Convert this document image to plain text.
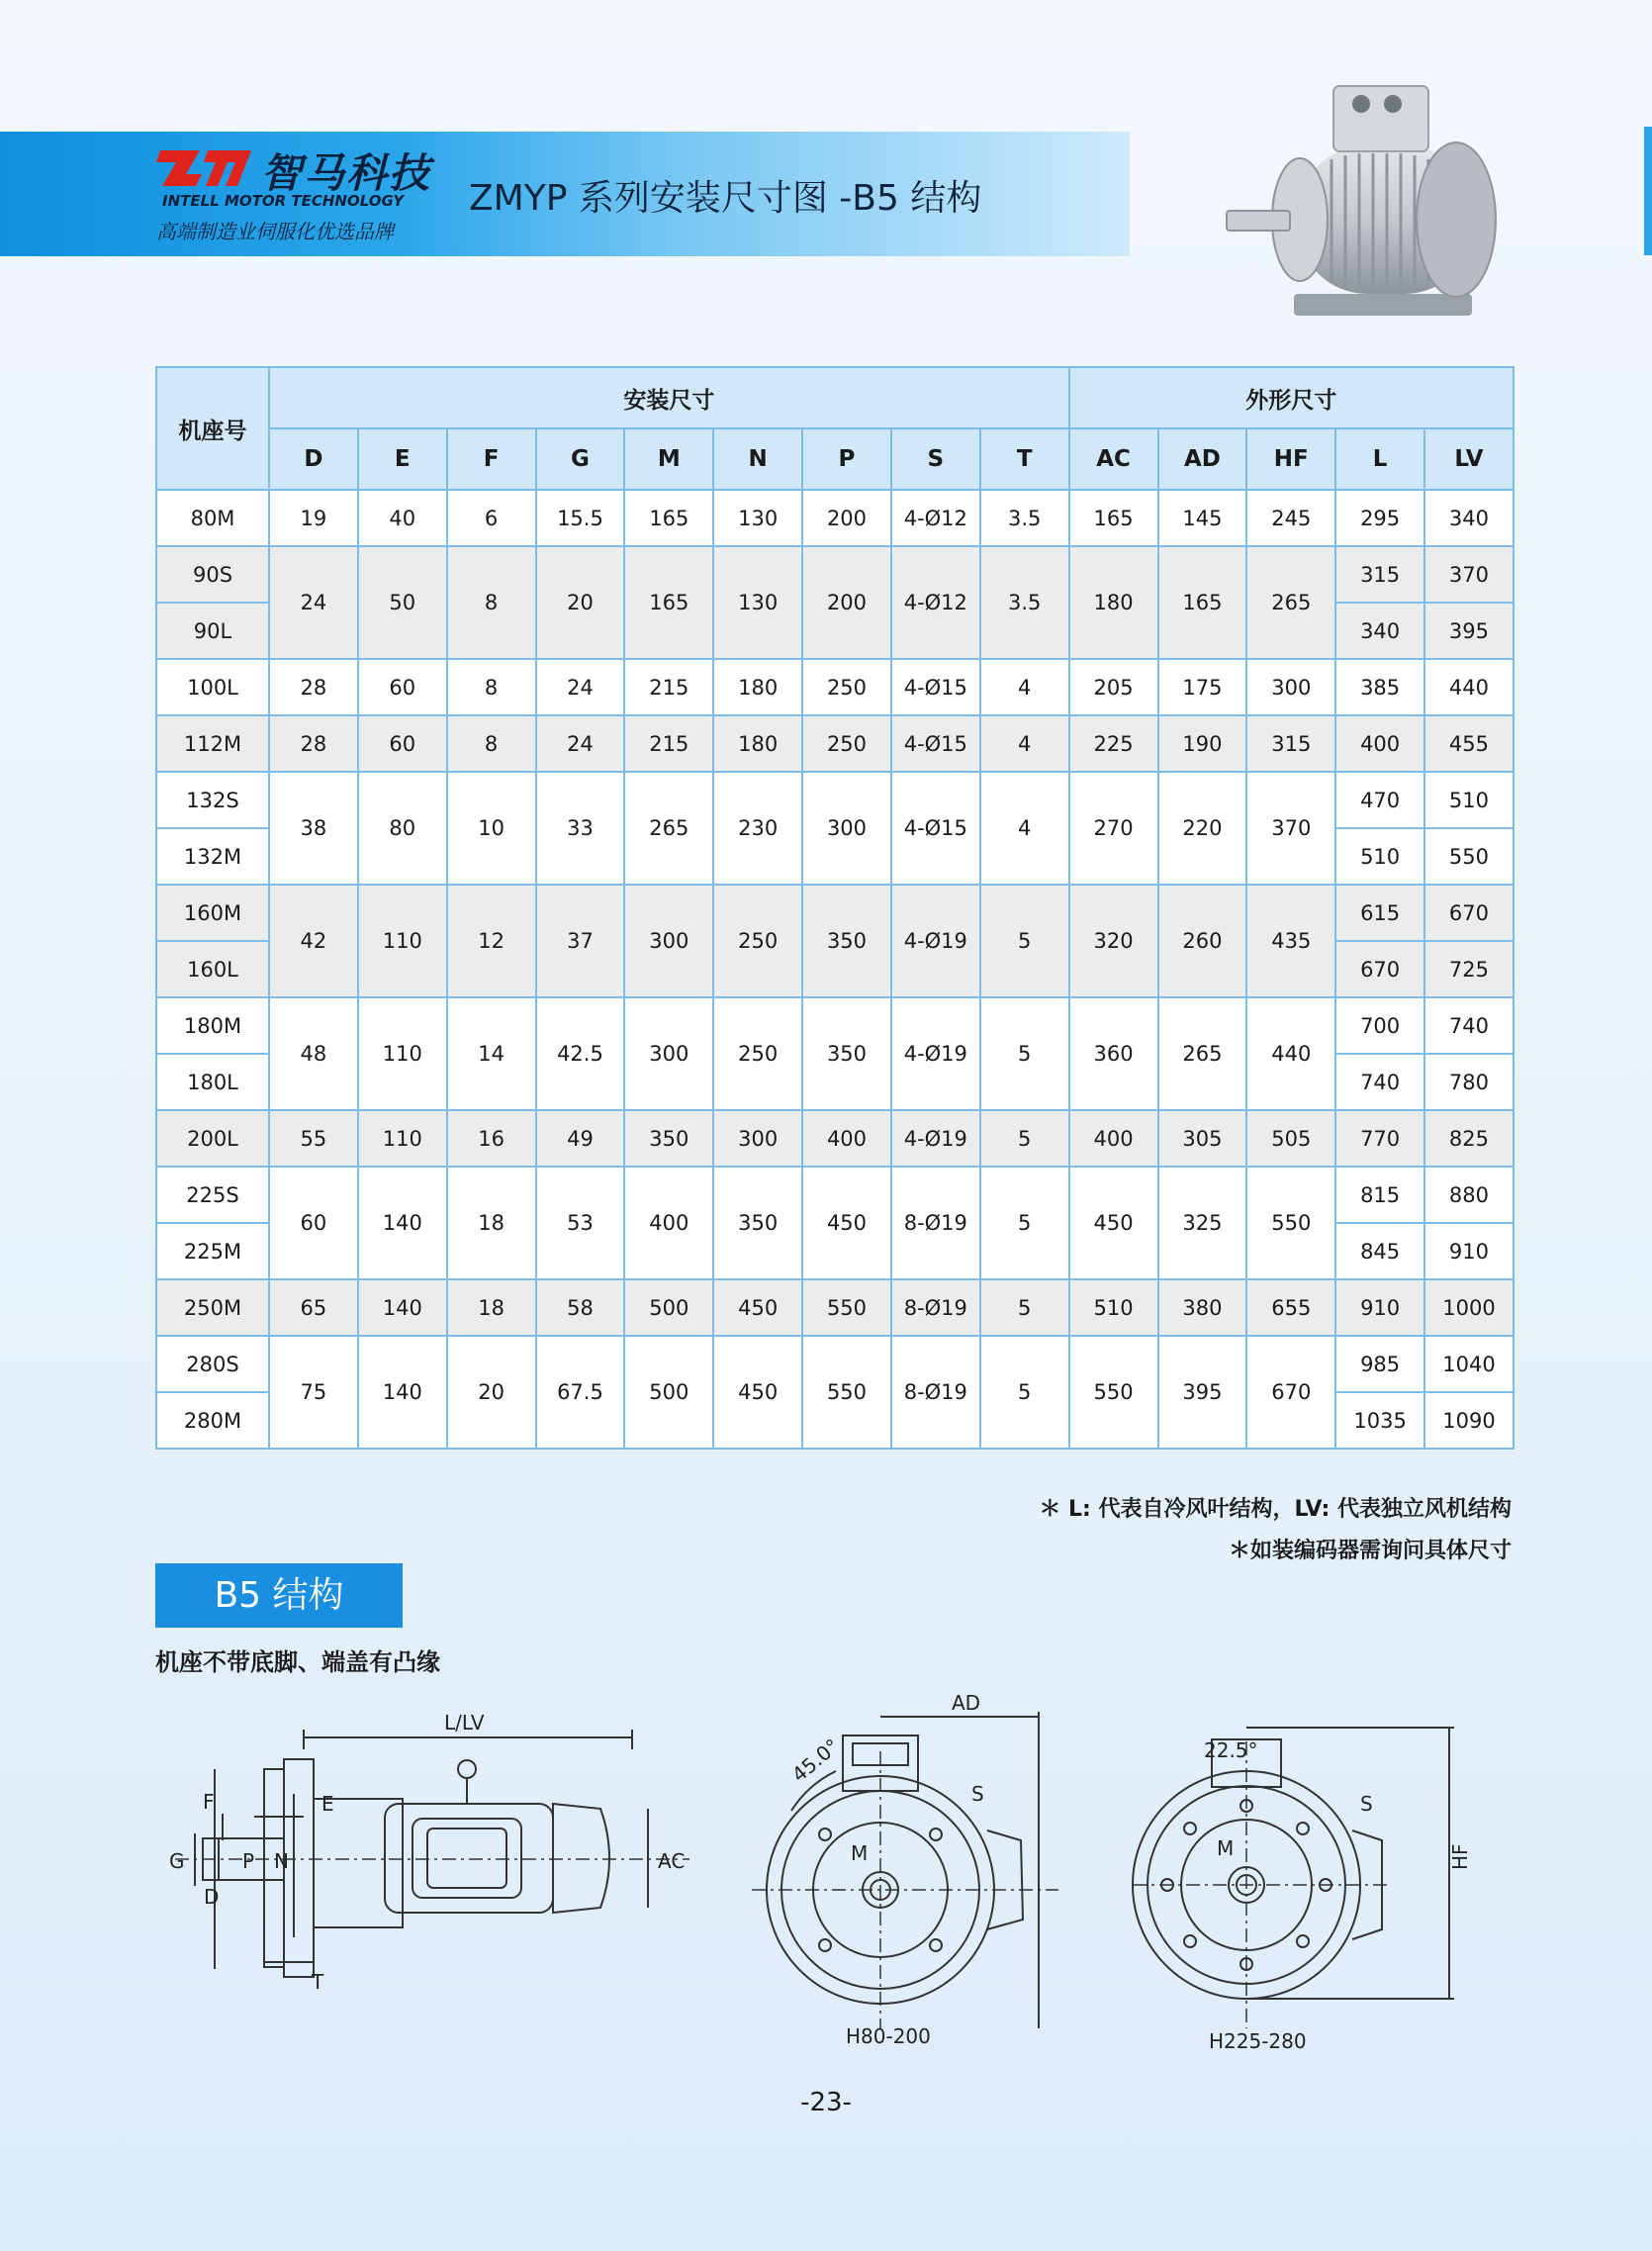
智马科技
INTELL MOTOR TECHNOLOGY
高端制造业伺服化优选品牌
ZMYP 系列安装尺寸图 -B5 结构
机座号	安装尺寸									外形尺寸				
	D	E	F	G	M	N	P	S	T	AC	AD	HF	L	LV
80M	19	40	6	15.5	165	130	200	4-Ø12	3.5	165	145	245	295	340
90S	24	50	8	20	165	130	200	4-Ø12	3.5	180	165	265	315	370
90L													340	395
100L	28	60	8	24	215	180	250	4-Ø15	4	205	175	300	385	440
112M	28	60	8	24	215	180	250	4-Ø15	4	225	190	315	400	455
132S	38	80	10	33	265	230	300	4-Ø15	4	270	220	370	470	510
132M													510	550
160M	42	110	12	37	300	250	350	4-Ø19	5	320	260	435	615	670
160L													670	725
180M	48	110	14	42.5	300	250	350	4-Ø19	5	360	265	440	700	740
180L													740	780
200L	55	110	16	49	350	300	400	4-Ø19	5	400	305	505	770	825
225S	60	140	18	53	400	350	450	8-Ø19	5	450	325	550	815	880
225M													845	910
250M	65	140	18	58	500	450	550	8-Ø19	5	510	380	655	910	1000
280S	75	140	20	67.5	500	450	550	8-Ø19	5	550	395	670	985	1040
280M													1035	1090
＊ L: 代表自冷风叶结构，LV: 代表独立风机结构
＊如装编码器需询问具体尺寸
B5 结构
机座不带底脚、端盖有凸缘
L/LV
F
G
D
E
P N
T
AC
AD
45.0°
S
M
H80-200
22.5°
S
M	HF
H225-280
-23-
